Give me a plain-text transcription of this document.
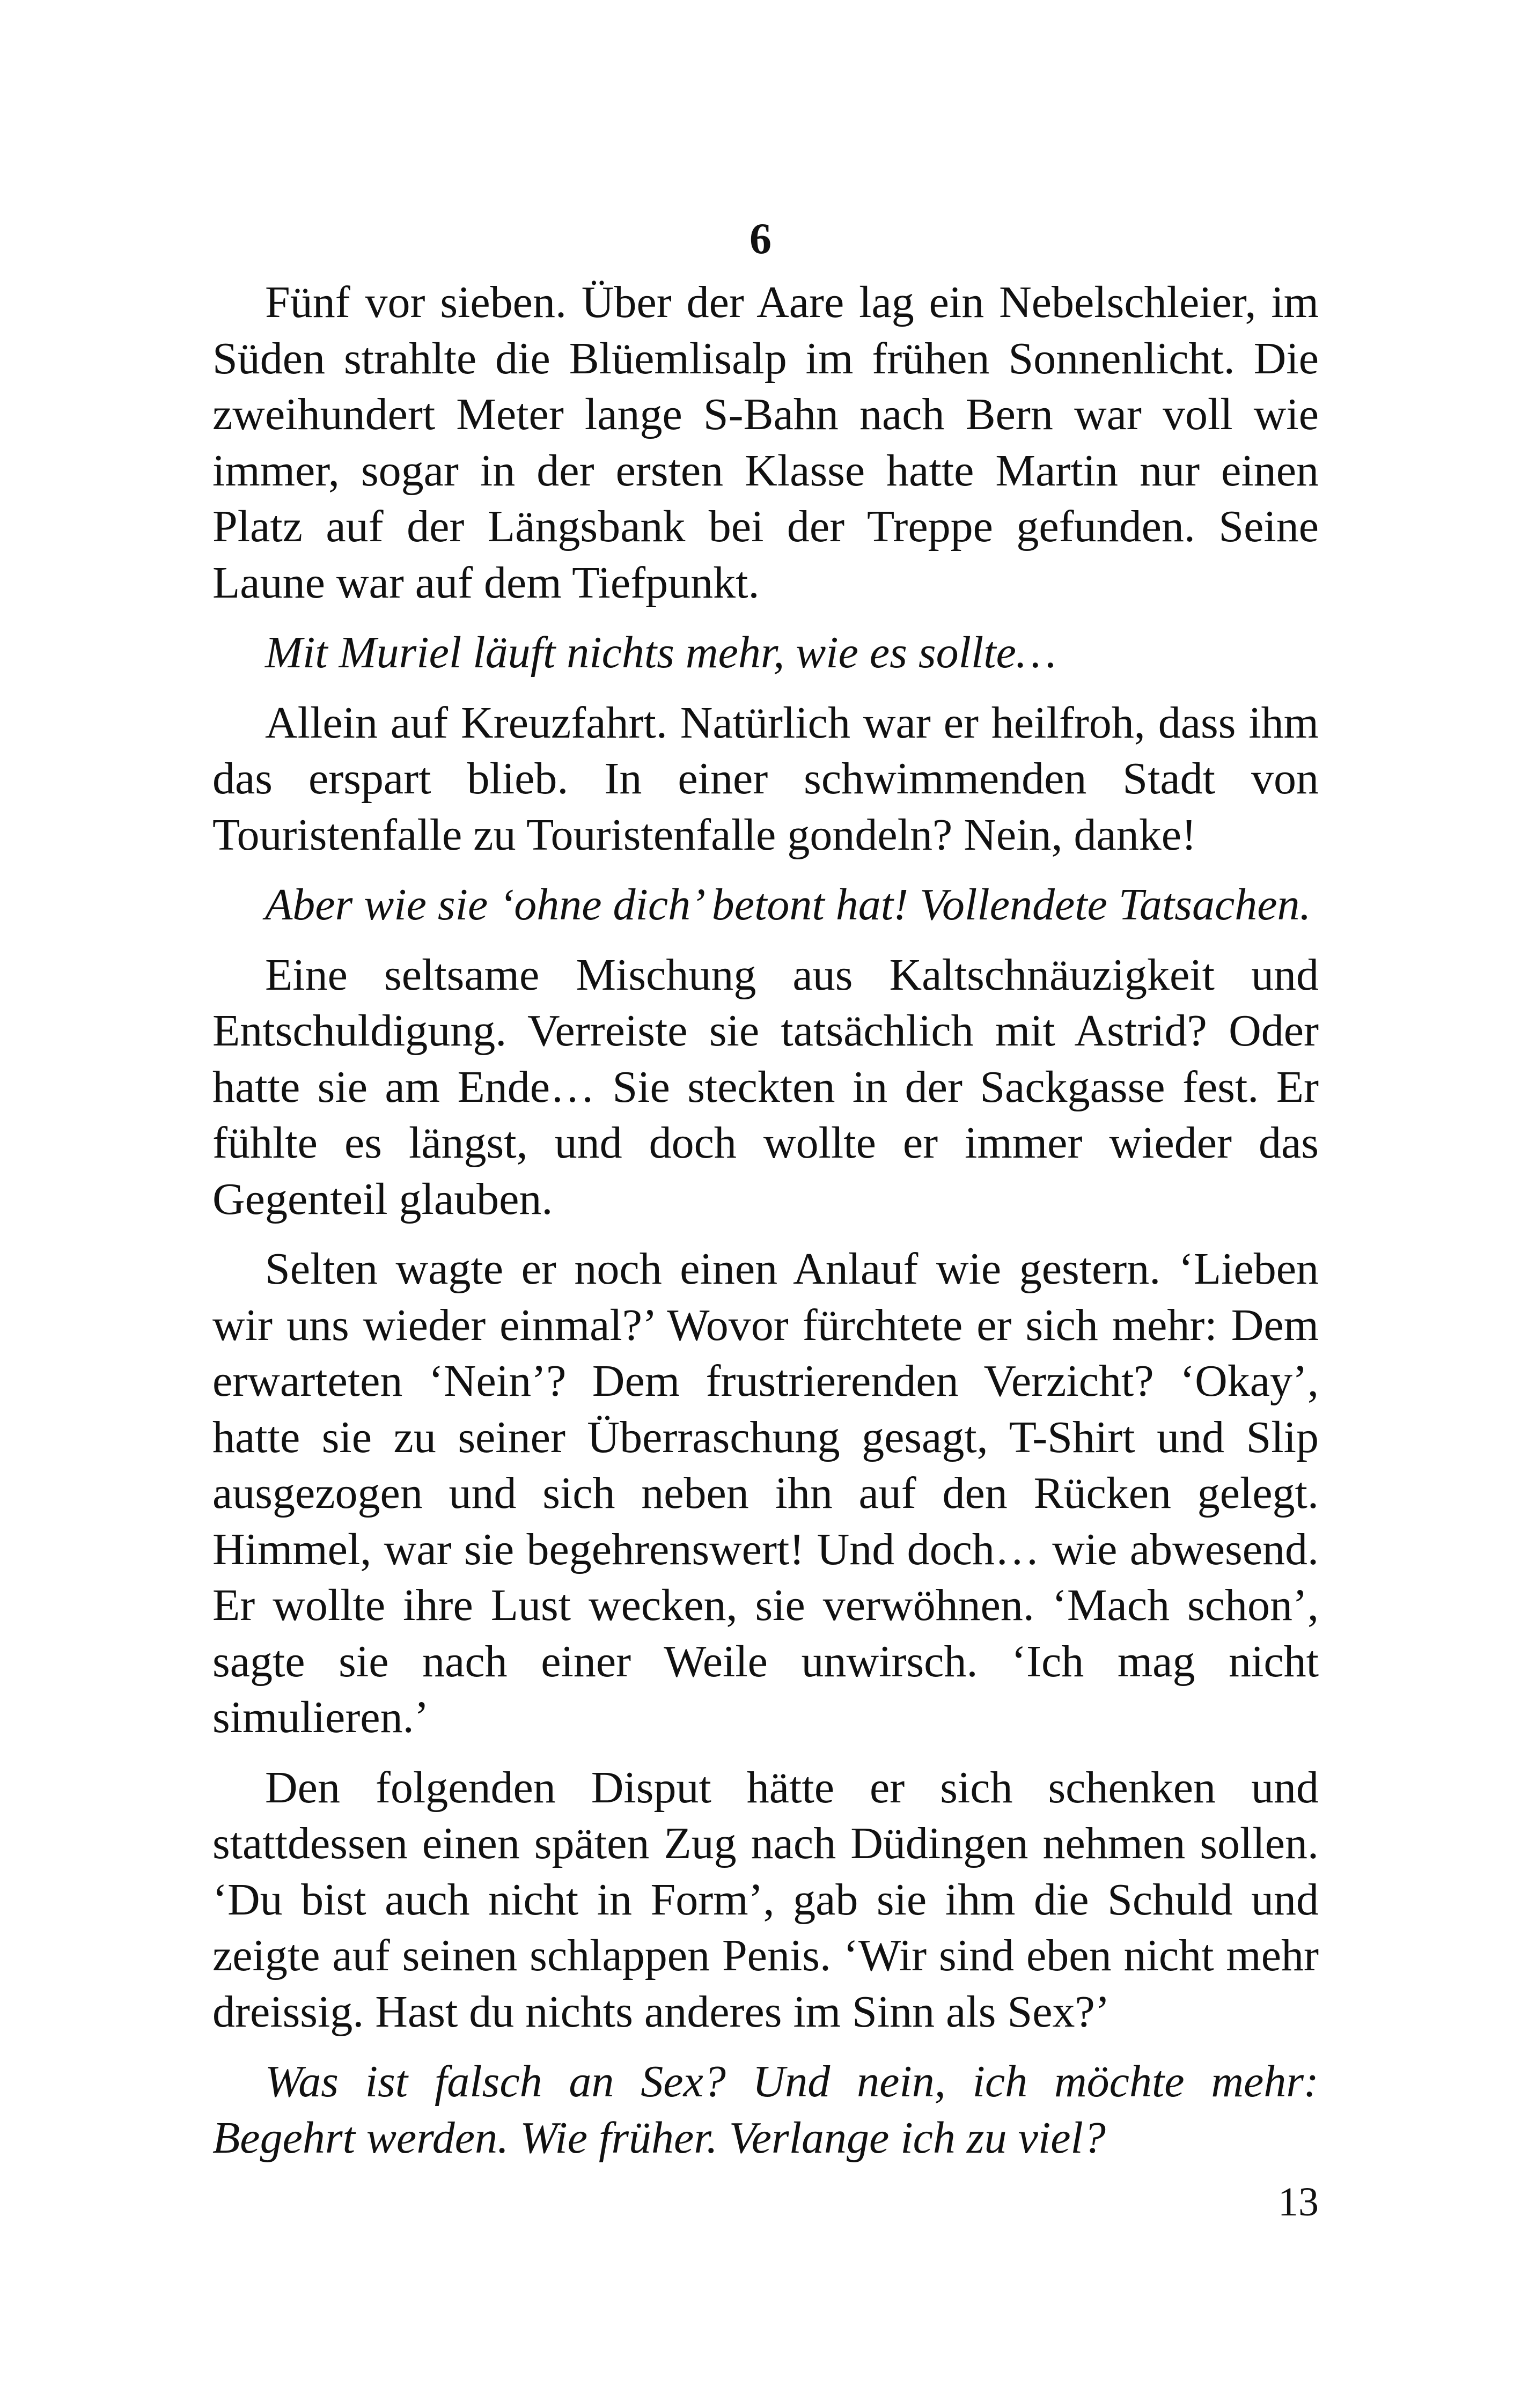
6

Fünf vor sieben. Über der Aare lag ein Nebelschleier, im Süden strahlte die Blüemlisalp im frühen Sonnenlicht. Die zweihundert Meter lange S-Bahn nach Bern war voll wie immer, sogar in der ersten Klasse hatte Martin nur einen Platz auf der Längsbank bei der Treppe gefunden. Seine Laune war auf dem Tiefpunkt.

Mit Muriel läuft nichts mehr, wie es sollte…

Allein auf Kreuzfahrt. Natürlich war er heilfroh, dass ihm das erspart blieb. In einer schwimmenden Stadt von Touristenfalle zu Touristenfalle gondeln? Nein, danke!

Aber wie sie ‘ohne dich’ betont hat! Vollendete Tatsachen.

Eine seltsame Mischung aus Kaltschnäuzigkeit und Entschuldigung. Verreiste sie tatsächlich mit Astrid? Oder hatte sie am Ende… Sie steckten in der Sackgasse fest. Er fühlte es längst, und doch wollte er immer wieder das Gegenteil glauben.

Selten wagte er noch einen Anlauf wie gestern. ‘Lieben wir uns wieder einmal?’ Wovor fürchtete er sich mehr: Dem erwarteten ‘Nein’? Dem frustrierenden Verzicht? ‘Okay’, hatte sie zu seiner Überraschung gesagt, T-Shirt und Slip ausgezogen und sich neben ihn auf den Rücken gelegt. Himmel, war sie begehrenswert! Und doch… wie abwesend. Er wollte ihre Lust wecken, sie verwöhnen. ‘Mach schon’, sagte sie nach einer Weile unwirsch. ‘Ich mag nicht simulieren.’

Den folgenden Disput hätte er sich schenken und stattdessen einen späten Zug nach Düdingen nehmen sollen. ‘Du bist auch nicht in Form’, gab sie ihm die Schuld und zeigte auf seinen schlappen Penis. ‘Wir sind eben nicht mehr dreissig. Hast du nichts anderes im Sinn als Sex?’

Was ist falsch an Sex? Und nein, ich möchte mehr: Begehrt werden. Wie früher. Verlange ich zu viel?

13
